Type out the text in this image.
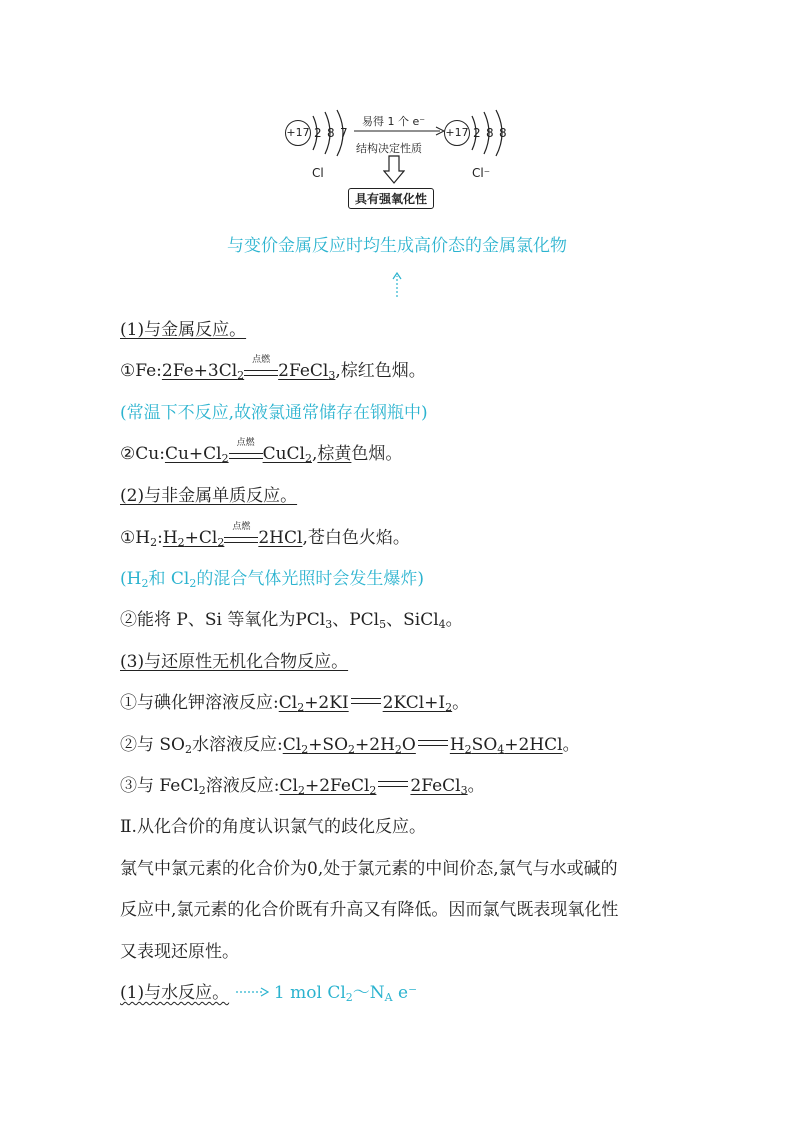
+17 2 8 7
Cl
易得 1 个 e⁻
结构决定性质
+17 2 8 8
Cl⁻
具有强氧化性
与变价金属反应时均生成高价态的金属氯化物
(1)与金属反应。
$①Fe:2Fe+3Cl_2$
点燃
2FeCl$_3$,棕红色烟。
(常温下不反应,故液氯通常储存在钢瓶中)
$②Cu:Cu+Cl_2$
点燃
CuCl$_2$,棕黄色烟。
(2)与非金属单质反应。
$①H_2:H_2+Cl_2$
点燃
2HCl,苍白色火焰。
($H_2$和 $Cl_2$的混合气体光照时会发生爆炸)
②能将 P、Si 等氧化为PCl$_3$、PCl$_5$、SiCl$_4$。
(3)与还原性无机化合物反应。
①与碘化钾溶液反应$:Cl_2+2KI$ $2KCl+I_2$。
②与 $SO_2$水溶液反应$:Cl_2+SO_2+2H_2O$ $H_2SO_4+2HCl$。
③与 FeCl$_2$溶液反应$:Cl_2+2FeCl_2$ 2FeCl$_3$。
Ⅱ.从化合价的角度认识氯气的歧化反应。
氯气中氯元素的化合价为0,处于氯元素的中间价态,氯气与水或碱的
反应中,氯元素的化合价既有升高又有降低。因而氯气既表现氧化性
又表现还原性。
(1)与水反应。	1 mol $Cl_2\sim N_A$ e⁻
